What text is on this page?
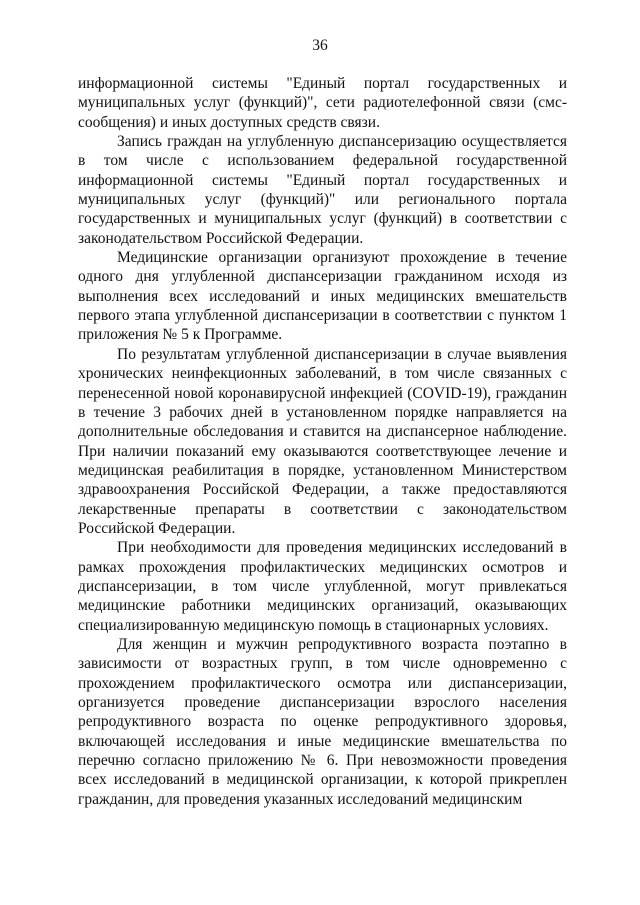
36

информационной системы "Единый портал государственных и муниципальных услуг (функций)", сети радиотелефонной связи (смс-сообщения) и иных доступных средств связи.

Запись граждан на углубленную диспансеризацию осуществляется в том числе с использованием федеральной государственной информационной системы "Единый портал государственных и муниципальных услуг (функций)" или регионального портала государственных и муниципальных услуг (функций) в соответствии с законодательством Российской Федерации.

Медицинские организации организуют прохождение в течение одного дня углубленной диспансеризации гражданином исходя из выполнения всех исследований и иных медицинских вмешательств первого этапа углубленной диспансеризации в соответствии с пунктом 1 приложения № 5 к Программе.

По результатам углубленной диспансеризации в случае выявления хронических неинфекционных заболеваний, в том числе связанных с перенесенной новой коронавирусной инфекцией (COVID-19), гражданин в течение 3 рабочих дней в установленном порядке направляется на дополнительные обследования и ставится на диспансерное наблюдение. При наличии показаний ему оказываются соответствующее лечение и медицинская реабилитация в порядке, установленном Министерством здравоохранения Российской Федерации, а также предоставляются лекарственные препараты в соответствии с законодательством Российской Федерации.

При необходимости для проведения медицинских исследований в рамках прохождения профилактических медицинских осмотров и диспансеризации, в том числе углубленной, могут привлекаться медицинские работники медицинских организаций, оказывающих специализированную медицинскую помощь в стационарных условиях.

Для женщин и мужчин репродуктивного возраста поэтапно в зависимости от возрастных групп, в том числе одновременно с прохождением профилактического осмотра или диспансеризации, организуется проведение диспансеризации взрослого населения репродуктивного возраста по оценке репродуктивного здоровья, включающей исследования и иные медицинские вмешательства по перечню согласно приложению № 6. При невозможности проведения всех исследований в медицинской организации, к которой прикреплен гражданин, для проведения указанных исследований медицинским
